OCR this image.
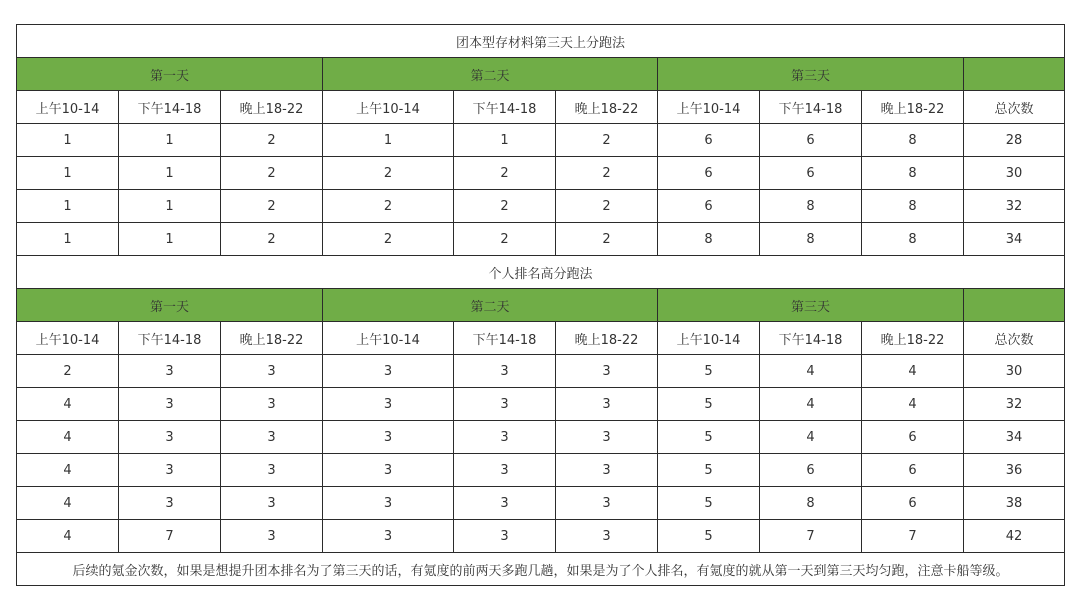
团本型存材料第三天上分跑法									
第一天			第二天			第三天			
上午10-14	下午14-18	晚上18-22	上午10-14	下午14-18	晚上18-22	上午10-14	下午14-18	晚上18-22	总次数
1	1	2	1	1	2	6	6	8	28
1	1	2	2	2	2	6	6	8	30
1	1	2	2	2	2	6	8	8	32
1	1	2	2	2	2	8	8	8	34
个人排名高分跑法									
第一天			第二天			第三天			
上午10-14	下午14-18	晚上18-22	上午10-14	下午14-18	晚上18-22	上午10-14	下午14-18	晚上18-22	总次数
2	3	3	3	3	3	5	4	4	30
4	3	3	3	3	3	5	4	4	32
4	3	3	3	3	3	5	4	6	34
4	3	3	3	3	3	5	6	6	36
4	3	3	3	3	3	5	8	6	38
4	7	3	3	3	3	5	7	7	42
后续的氪金次数，如果是想提升团本排名为了第三天的话，有氪度的前两天多跑几趟，如果是为了个人排名，有氪度的就从第一天到第三天均匀跑，注意卡船等级。									
